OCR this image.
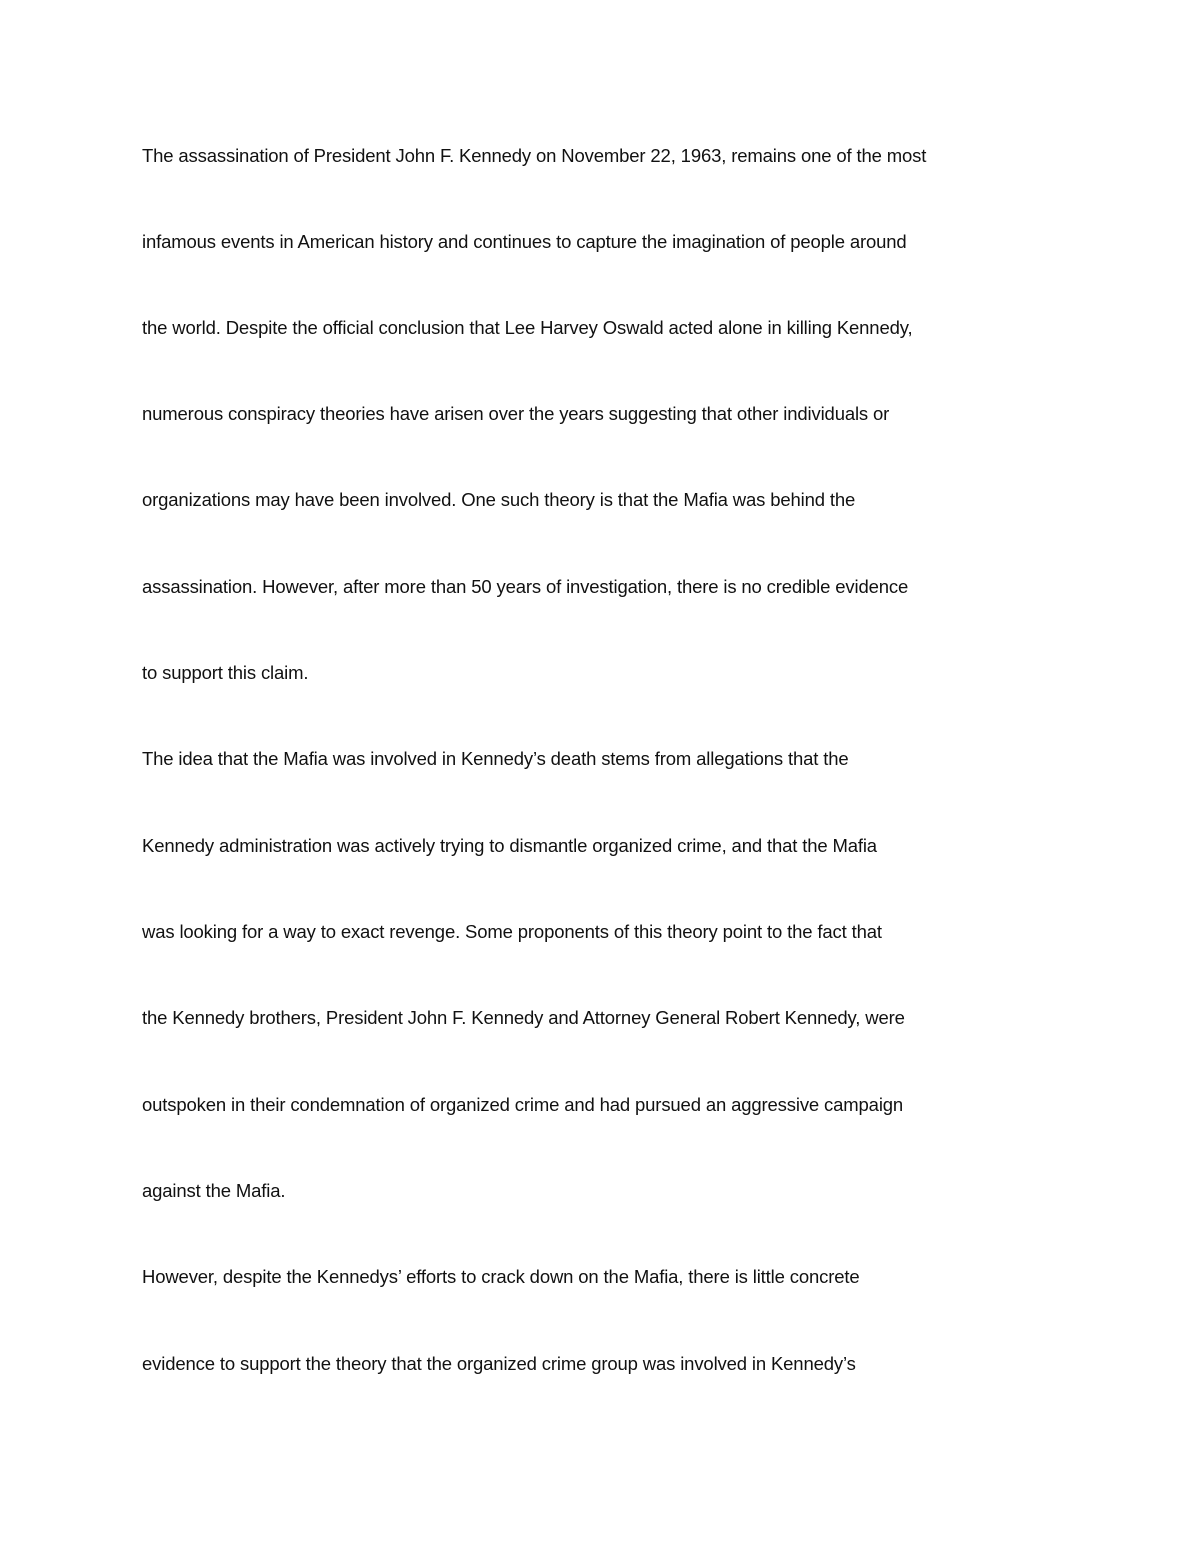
The assassination of President John F. Kennedy on November 22, 1963, remains one of the most
infamous events in American history and continues to capture the imagination of people around
the world. Despite the official conclusion that Lee Harvey Oswald acted alone in killing Kennedy,
numerous conspiracy theories have arisen over the years suggesting that other individuals or
organizations may have been involved. One such theory is that the Mafia was behind the
assassination. However, after more than 50 years of investigation, there is no credible evidence
to support this claim.
The idea that the Mafia was involved in Kennedy’s death stems from allegations that the
Kennedy administration was actively trying to dismantle organized crime, and that the Mafia
was looking for a way to exact revenge. Some proponents of this theory point to the fact that
the Kennedy brothers, President John F. Kennedy and Attorney General Robert Kennedy, were
outspoken in their condemnation of organized crime and had pursued an aggressive campaign
against the Mafia.
However, despite the Kennedys’ efforts to crack down on the Mafia, there is little concrete
evidence to support the theory that the organized crime group was involved in Kennedy’s
